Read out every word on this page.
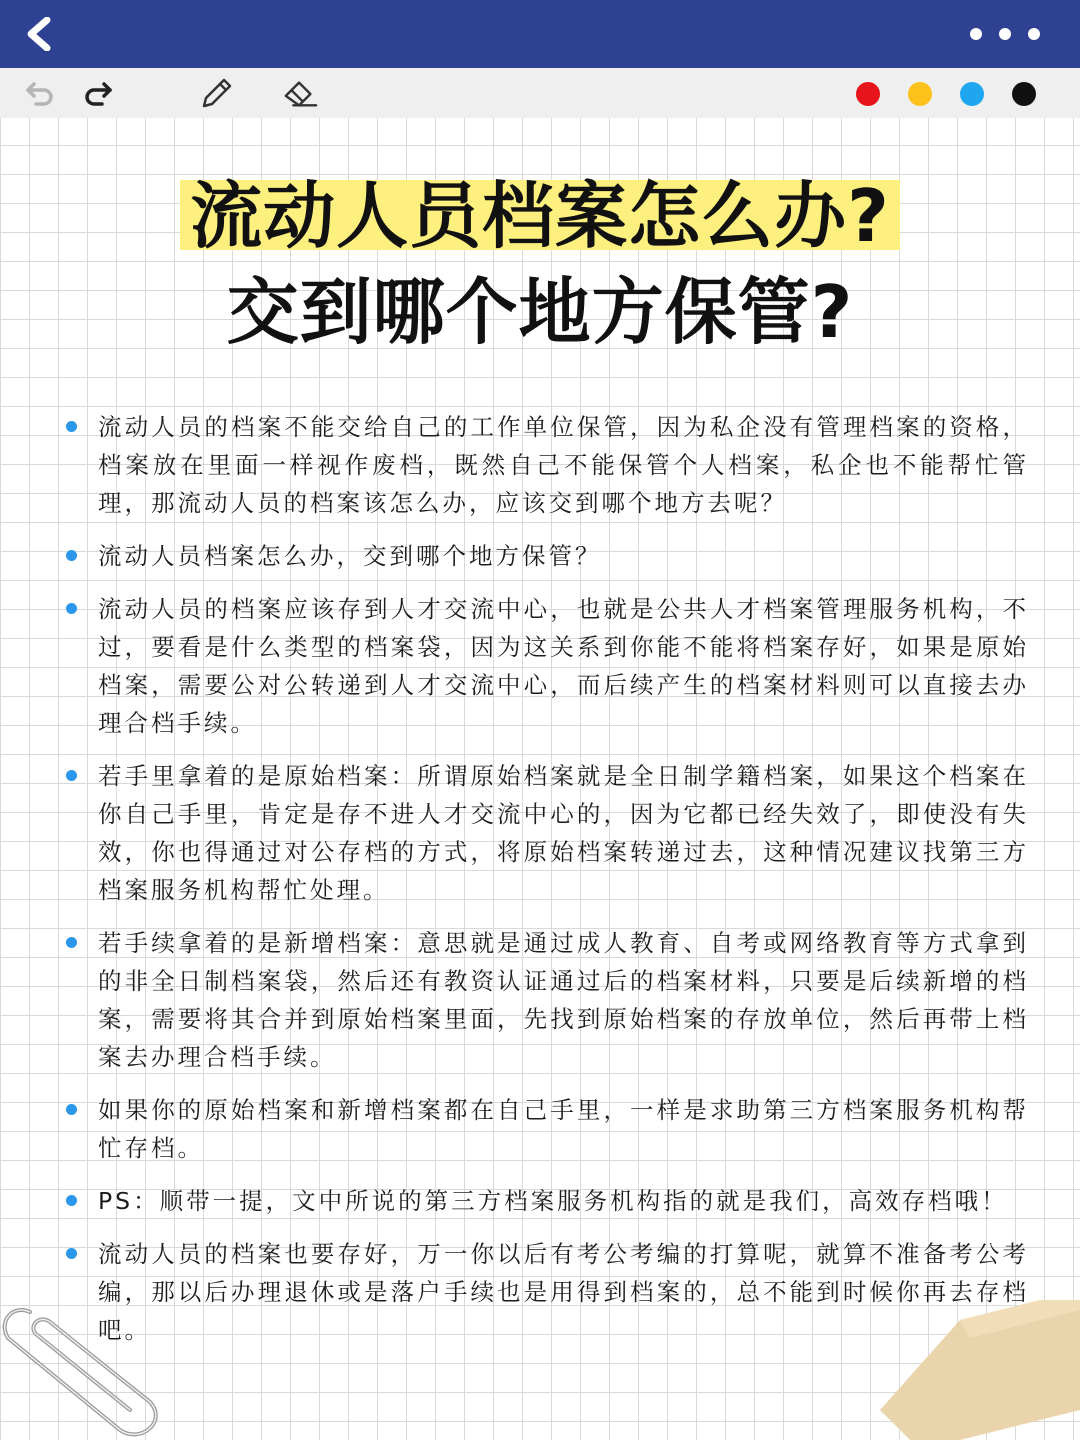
流动人员档案怎么办?
交到哪个地方保管?
流动人员的档案不能交给自己的工作单位保管，因为私企没有管理档案的资格，档案放在里面一样视作废档，既然自己不能保管个人档案，私企也不能帮忙管理，那流动人员的档案该怎么办，应该交到哪个地方去呢？
流动人员档案怎么办，交到哪个地方保管？
流动人员的档案应该存到人才交流中心，也就是公共人才档案管理服务机构，不过，要看是什么类型的档案袋，因为这关系到你能不能将档案存好，如果是原始档案，需要公对公转递到人才交流中心，而后续产生的档案材料则可以直接去办理合档手续。
若手里拿着的是原始档案：所谓原始档案就是全日制学籍档案，如果这个档案在你自己手里，肯定是存不进人才交流中心的，因为它都已经失效了，即使没有失效，你也得通过对公存档的方式，将原始档案转递过去，这种情况建议找第三方档案服务机构帮忙处理。
若手续拿着的是新增档案：意思就是通过成人教育、自考或网络教育等方式拿到的非全日制档案袋，然后还有教资认证通过后的档案材料，只要是后续新增的档案，需要将其合并到原始档案里面，先找到原始档案的存放单位，然后再带上档案去办理合档手续。
如果你的原始档案和新增档案都在自己手里，一样是求助第三方档案服务机构帮忙存档。
PS：顺带一提，文中所说的第三方档案服务机构指的就是我们，高效存档哦！
流动人员的档案也要存好，万一你以后有考公考编的打算呢，就算不准备考公考编，那以后办理退休或是落户手续也是用得到档案的，总不能到时候你再去存档吧。
